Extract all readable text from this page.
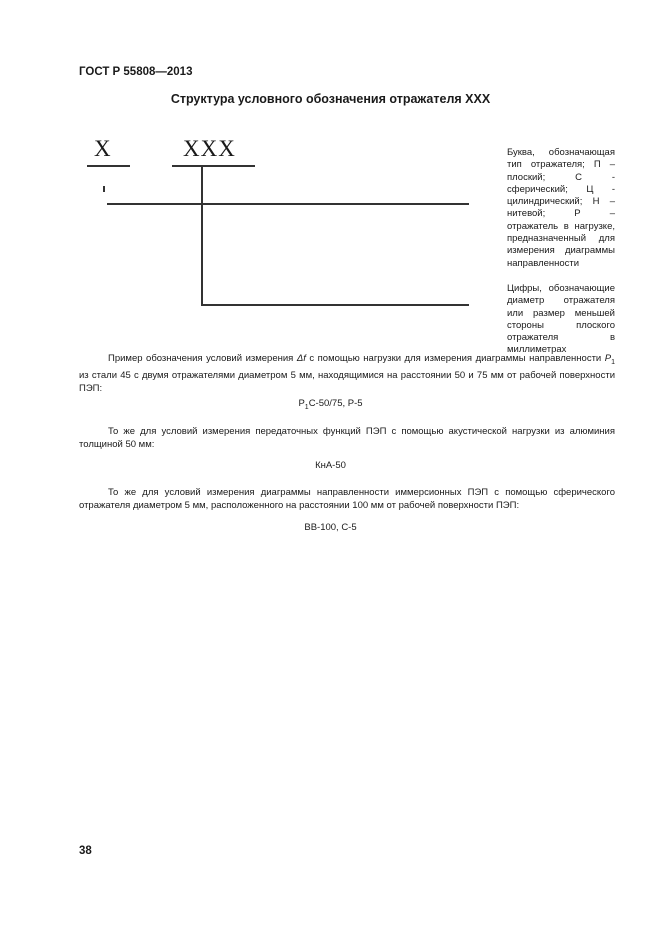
ГОСТ Р 55808—2013
Структура условного обозначения отражателя ХХХ
X	XXX	Буква, обозначающая тип отражателя; П – плоский; С - сферический; Ц - цилиндрический; Н – нитевой; Р – отражатель в нагрузке, предназначенный для измерения диаграммы направленности
Цифры, обозначающие диаметр отражателя или размер меньшей стороны плоского отражателя в миллиметрах
Пример обозначения условий измерения Δf с помощью нагрузки для измерения диаграммы направленности $Р_1$ из стали 45 с двумя отражателями диаметром 5 мм, находящимися на расстоянии 50 и 75 мм от рабочей поверхности ПЭП:
$Р_1С-50/75$, Р-5
То же для условий измерения передаточных функций ПЭП с помощью акустической нагрузки из алюминия толщиной 50 мм:
КнА-50
То же для условий измерения диаграммы направленности иммерсионных ПЭП с помощью сферического отражателя диаметром 5 мм, расположенного на расстоянии 100 мм от рабочей поверхности ПЭП:
ВВ-100, С-5
38
